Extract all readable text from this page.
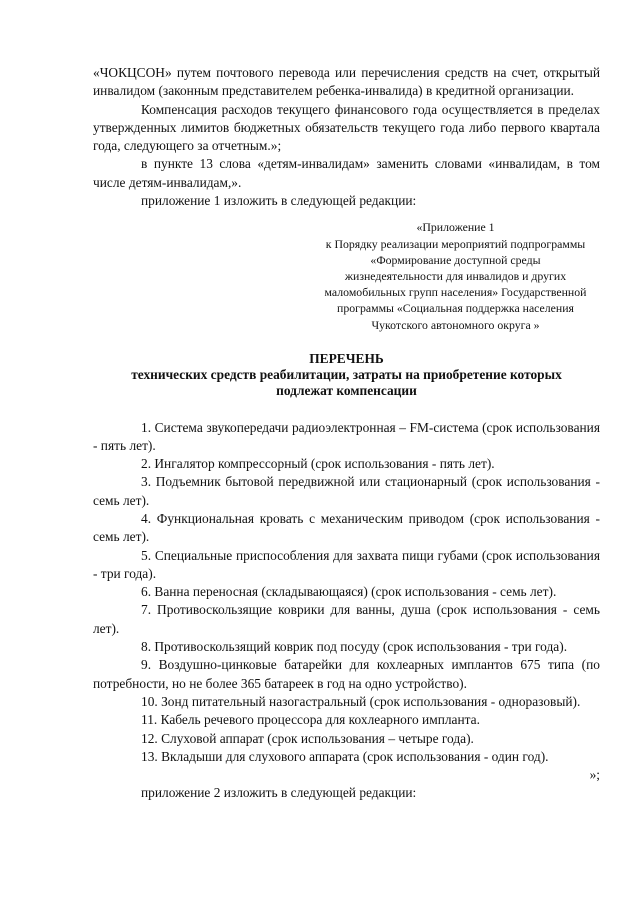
«ЧОКЦСОН» путем почтового перевода или перечисления средств на счет, открытый инвалидом (законным представителем ребенка-инвалида) в кредитной организации.

Компенсация расходов текущего финансового года осуществляется в пределах утвержденных лимитов бюджетных обязательств текущего года либо первого квартала года, следующего за отчетным.»;

в пункте 13 слова «детям-инвалидам» заменить словами «инвалидам, в том числе детям-инвалидам,».

приложение 1 изложить в следующей редакции:

«Приложение 1
к Порядку реализации мероприятий подпрограммы
«Формирование доступной среды
жизнедеятельности для инвалидов и других
маломобильных групп населения» Государственной
программы «Социальная поддержка населения
Чукотского автономного округа »
ПЕРЕЧЕНЬ
технических средств реабилитации, затраты на приобретение которых
подлежат компенсации

1. Система звукопередачи радиоэлектронная – FM-система (срок использования - пять лет).

2. Ингалятор компрессорный (срок использования - пять лет).

3. Подъемник бытовой передвижной или стационарный (срок использования - семь лет).

4. Функциональная кровать с механическим приводом (срок использования - семь лет).

5. Специальные приспособления для захвата пищи губами (срок использования - три года).

6. Ванна переносная (складывающаяся) (срок использования - семь лет).

7. Противоскользящие коврики для ванны, душа (срок использования - семь лет).

8. Противоскользящий коврик под посуду (срок использования - три года).

9. Воздушно-цинковые батарейки для кохлеарных имплантов 675 типа (по потребности, но не более 365 батареек в год на одно устройство).

10. Зонд питательный назогастральный (срок использования - одноразовый).

11. Кабель речевого процессора для кохлеарного импланта.

12. Слуховой аппарат (срок использования – четыре года).

13. Вкладыши для слухового аппарата (срок использования - один год).

»;

приложение 2 изложить в следующей редакции:
